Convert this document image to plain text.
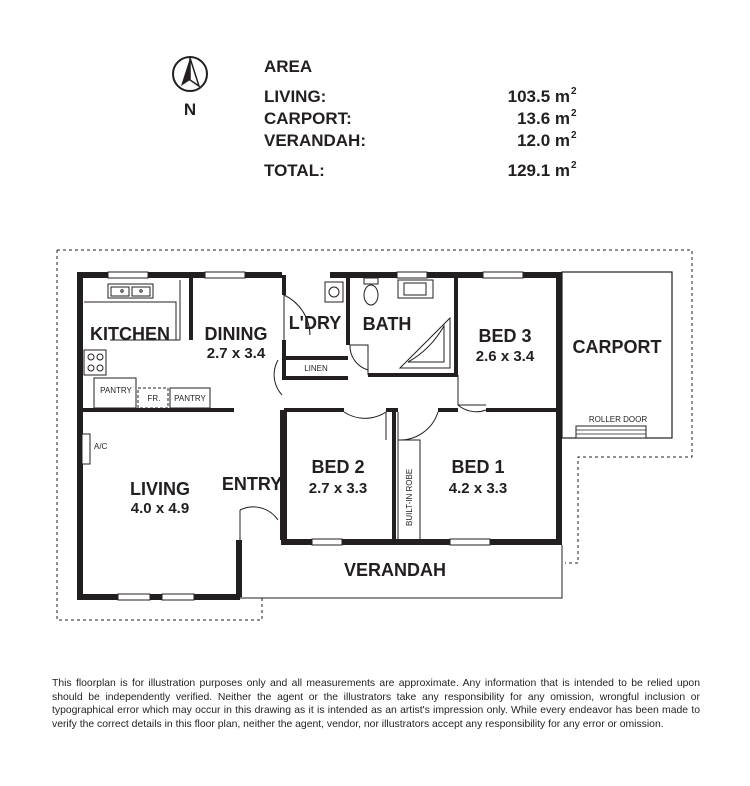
N
AREA
LIVING:	103.5 m 2
CARPORT:	13.6 m 2
VERANDAH:	12.0 m 2
TOTAL:	129.1 m 2
KITCHEN DINING
2.7 x 3.4
L'DRY BATH
BED 3
2.6 x 3.4 CARPORT
LIVING
4.0 x 4.9
ENTRY
BED 2
2.7 x 3.3
BED 1
4.2 x 3.3
VERANDAH
LINEN
PANTRY
FR. PANTRY
A/C
ROLLER DOOR
BUILT-IN ROBE

This floorplan is for illustration purposes only and all measurements are approximate. Any information that is intended to be relied upon should be independently verified. Neither the agent or the illustrators take any responsibility for any omission, wrongful inclusion or typographical error which may occur in this drawing as it is intended as an artist's impression only. While every endeavor has been made to verify the correct details in this floor plan, neither the agent, vendor, nor illustrators accept any responsibility for any error or omission.
